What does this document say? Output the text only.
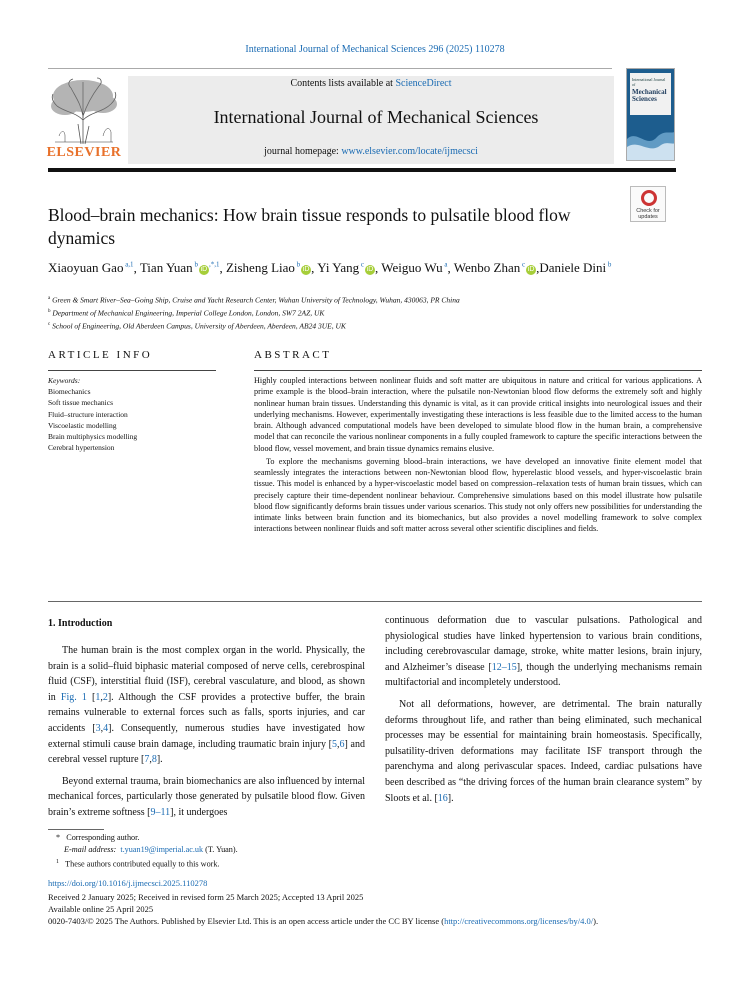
International Journal of Mechanical Sciences 296 (2025) 110278
ELSEVIER
Contents lists available at ScienceDirect
International Journal of Mechanical Sciences
journal homepage: www.elsevier.com/locate/ijmecsci
International Journal of
Mechanical Sciences
Blood–brain mechanics: How brain tissue responds to pulsatile blood flow dynamics
Check for updates
Xiaoyuan Gao $^{a,1}$, Tian Yuan $^biD^{,*,1}$, Zisheng Liao $^b$iD , Yi Yang $^c$iD , Weiguo Wu $^a$, Wenbo Zhan $^c$iD ,Daniele Dini $^b$
$^a$ Green & Smart River–Sea–Going Ship, Cruise and Yacht Research Center, Wuhan University of Technology, Wuhan, 430063, PR China
$^b$ Department of Mechanical Engineering, Imperial College London, London, SW7 2AZ, UK
$^c$ School of Engineering, Old Aberdeen Campus, University of Aberdeen, Aberdeen, AB24 3UE, UK
ARTICLE INFO	ABSTRACT
Keywords:
Biomechanics
Soft tissue mechanics
Fluid–structure interaction
Viscoelastic modelling
Brain multiphysics modelling
Cerebral hypertension

Highly coupled interactions between nonlinear fluids and soft matter are ubiquitous in nature and critical for various applications. A prime example is the blood–brain interaction, where the pulsatile non-Newtonian blood flow deforms the extremely soft and highly nonlinear human brain tissues. Understanding this dynamic is vital, as it can provide critical insights into neurological issues and their underlying mechanisms. However, experimentally investigating these interactions is less feasible due to the limited access to the human brain. Although advanced computational models have been developed to simulate blood flow in the human brain, a comprehensive model that can reconcile the various nonlinear components in a fully coupled framework to capture the specific interactions between the blood flow, vessel movement, and brain tissue dynamics remains elusive.

To explore the mechanisms governing blood–brain interactions, we have developed an innovative finite element model that seamlessly integrates the interactions between non-Newtonian blood flow, hyperelastic blood vessels, and hyper-viscoelastic brain tissue. This model is enhanced by a hyper-viscoelastic model based on compression–relaxation tests of human brain tissues, which can precisely capture their time-dependent nonlinear behaviour. Comprehensive simulations based on this model illustrate how pulsatile blood flow significantly deforms brain tissues under various scenarios. This study not only offers new possibilities for understanding the intimate links between brain function and its biomechanics, but also provides a novel modelling framework to solve complex interactions between nonlinear fluids and soft matter across several other scientific disciplines and fields.

1. Introduction

The human brain is the most complex organ in the world. Physically, the brain is a solid–fluid biphasic material composed of nerve cells, cerebrospinal fluid (CSF), interstitial fluid (ISF), cerebral vasculature, and blood, as shown in Fig. 1 [1,2]. Although the CSF provides a protective buffer, the brain remains vulnerable to external forces such as falls, sports injuries, and car accidents [3,4]. Consequently, numerous studies have investigated how external stimuli cause brain damage, including traumatic brain injury [5,6] and cerebral vessel rupture [7,8].

Beyond external trauma, brain biomechanics are also influenced by internal mechanical forces, particularly those generated by pulsatile blood flow. Given brain’s extreme softness [9–11], it undergoes

continuous deformation due to vascular pulsations. Pathological and physiological studies have linked hypertension to various brain conditions, including cerebrovascular damage, stroke, white matter lesions, brain injury, and Alzheimer’s disease [12–15], though the underlying mechanisms remain multifactorial and incompletely understood.

Not all deformations, however, are detrimental. The brain naturally deforms throughout life, and rather than being eliminated, such mechanical processes may be essential for maintaining brain homeostasis. Specifically, pulsatility-driven deformations may facilitate ISF transport through the parenchyma and along perivascular spaces. Indeed, cardiac pulsations have been described as “the driving forces of the human brain clearance system” by Sloots et al. [16].

* Corresponding author.
E-mail address: t.yuan19@imperial.ac.uk (T. Yuan).
$^1$ These authors contributed equally to this work.
https://doi.org/10.1016/j.ijmecsci.2025.110278
Received 2 January 2025; Received in revised form 25 March 2025; Accepted 13 April 2025
Available online 25 April 2025
0020-7403/© 2025 The Authors. Published by Elsevier Ltd. This is an open access article under the CC BY license (http://creativecommons.org/licenses/by/4.0/).
